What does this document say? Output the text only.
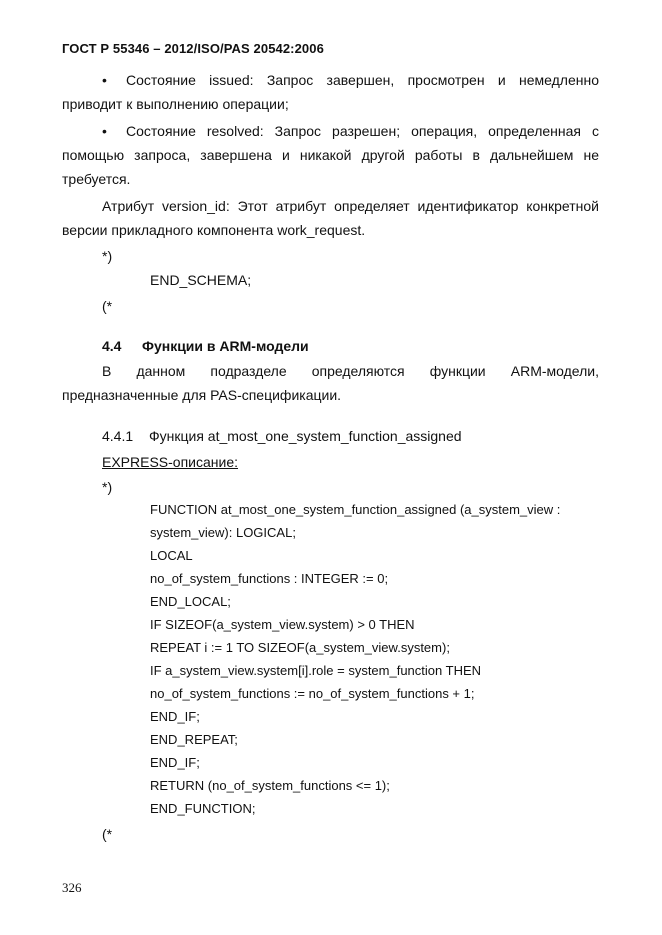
ГОСТ Р 55346 – 2012/ISO/PAS 20542:2006
•	Состояние issued: Запрос завершен, просмотрен и немедленно
приводит к выполнению операции;
•	Состояние resolved: Запрос разрешен; операция, определенная с
помощью запроса, завершена и никакой другой работы в дальнейшем не
требуется.
Атрибут version_id: Этот атрибут определяет идентификатор конкретной
версии прикладного компонента work_request.
*)
END_SCHEMA;
(*
4.4 Функции в ARM-модели
В данном подразделе определяются функции ARM-модели,
предназначенные для PAS-спецификации.
4.4.1 Функция at_most_one_system_function_assigned
EXPRESS-описание:
*)
FUNCTION at_most_one_system_function_assigned (a_system_view :
system_view): LOGICAL;
LOCAL
no_of_system_functions : INTEGER := 0;
END_LOCAL;
IF SIZEOF(a_system_view.system) > 0 THEN
REPEAT i := 1 TO SIZEOF(a_system_view.system);
IF a_system_view.system[i].role = system_function THEN
no_of_system_functions := no_of_system_functions + 1;
END_IF;
END_REPEAT;
END_IF;
RETURN (no_of_system_functions <= 1);
END_FUNCTION;
(*
326
